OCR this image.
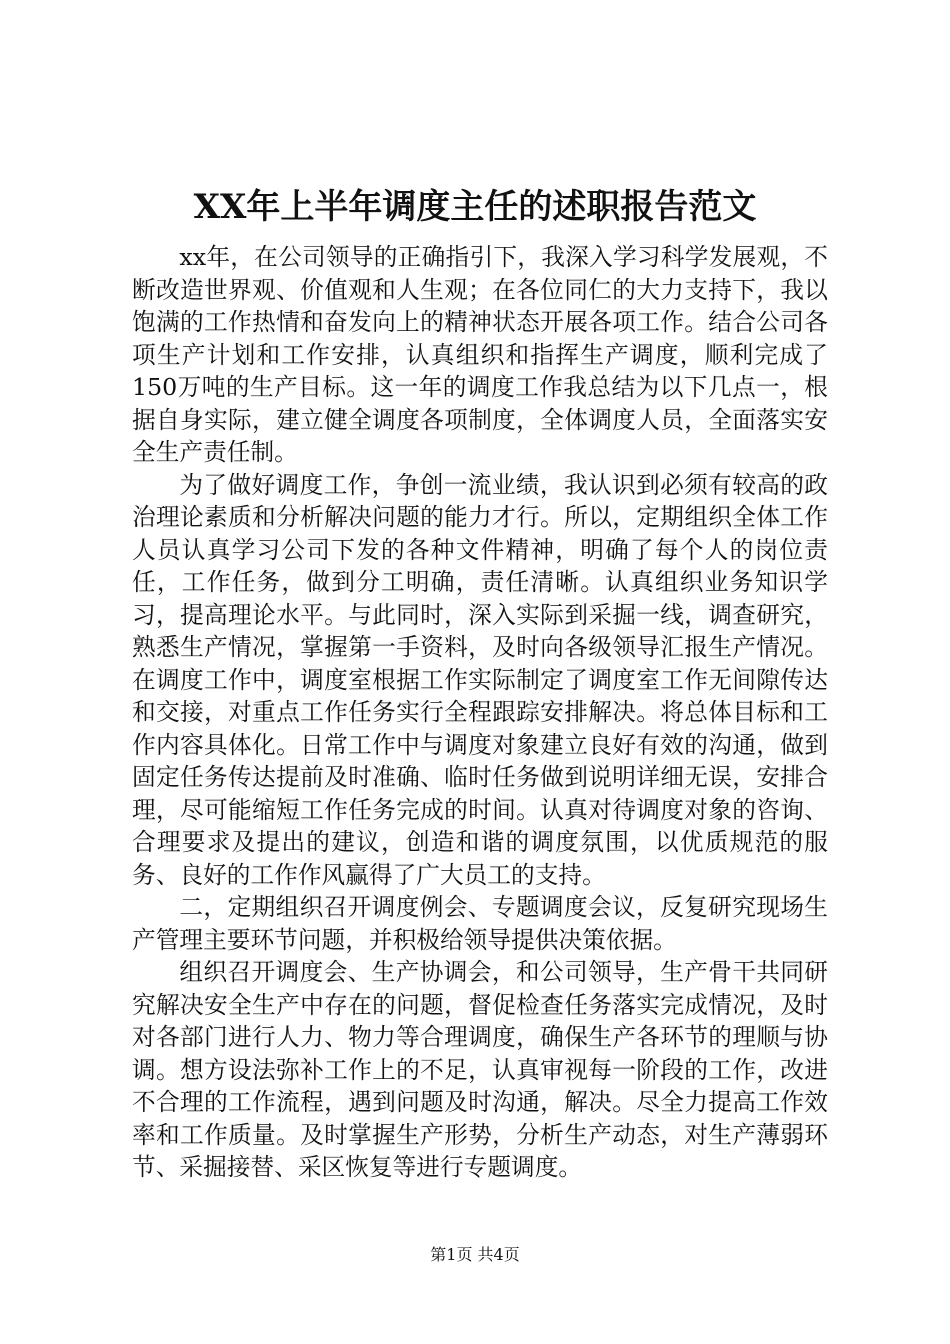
XX年上半年调度主任的述职报告范文

xx年，在公司领导的正确指引下，我深入学习科学发展观，不断改造世界观、价值观和人生观；在各位同仁的大力支持下，我以饱满的工作热情和奋发向上的精神状态开展各项工作。结合公司各项生产计划和工作安排，认真组织和指挥生产调度，顺利完成了150万吨的生产目标。这一年的调度工作我总结为以下几点一，根据自身实际，建立健全调度各项制度，全体调度人员，全面落实安全生产责任制。

为了做好调度工作，争创一流业绩，我认识到必须有较高的政治理论素质和分析解决问题的能力才行。所以，定期组织全体工作人员认真学习公司下发的各种文件精神，明确了每个人的岗位责任，工作任务，做到分工明确，责任清晰。认真组织业务知识学习，提高理论水平。与此同时，深入实际到采掘一线，调查研究，熟悉生产情况，掌握第一手资料，及时向各级领导汇报生产情况。在调度工作中，调度室根据工作实际制定了调度室工作无间隙传达和交接，对重点工作任务实行全程跟踪安排解决。将总体目标和工作内容具体化。日常工作中与调度对象建立良好有效的沟通，做到固定任务传达提前及时准确、临时任务做到说明详细无误，安排合理，尽可能缩短工作任务完成的时间。认真对待调度对象的咨询、合理要求及提出的建议，创造和谐的调度氛围，以优质规范的服务、良好的工作作风赢得了广大员工的支持。

二，定期组织召开调度例会、专题调度会议，反复研究现场生产管理主要环节问题，并积极给领导提供决策依据。

组织召开调度会、生产协调会，和公司领导，生产骨干共同研究解决安全生产中存在的问题，督促检查任务落实完成情况，及时对各部门进行人力、物力等合理调度，确保生产各环节的理顺与协调。想方设法弥补工作上的不足，认真审视每一阶段的工作，改进不合理的工作流程，遇到问题及时沟通，解决。尽全力提高工作效率和工作质量。及时掌握生产形势，分析生产动态，对生产薄弱环节、采掘接替、采区恢复等进行专题调度。

第1页 共4页
